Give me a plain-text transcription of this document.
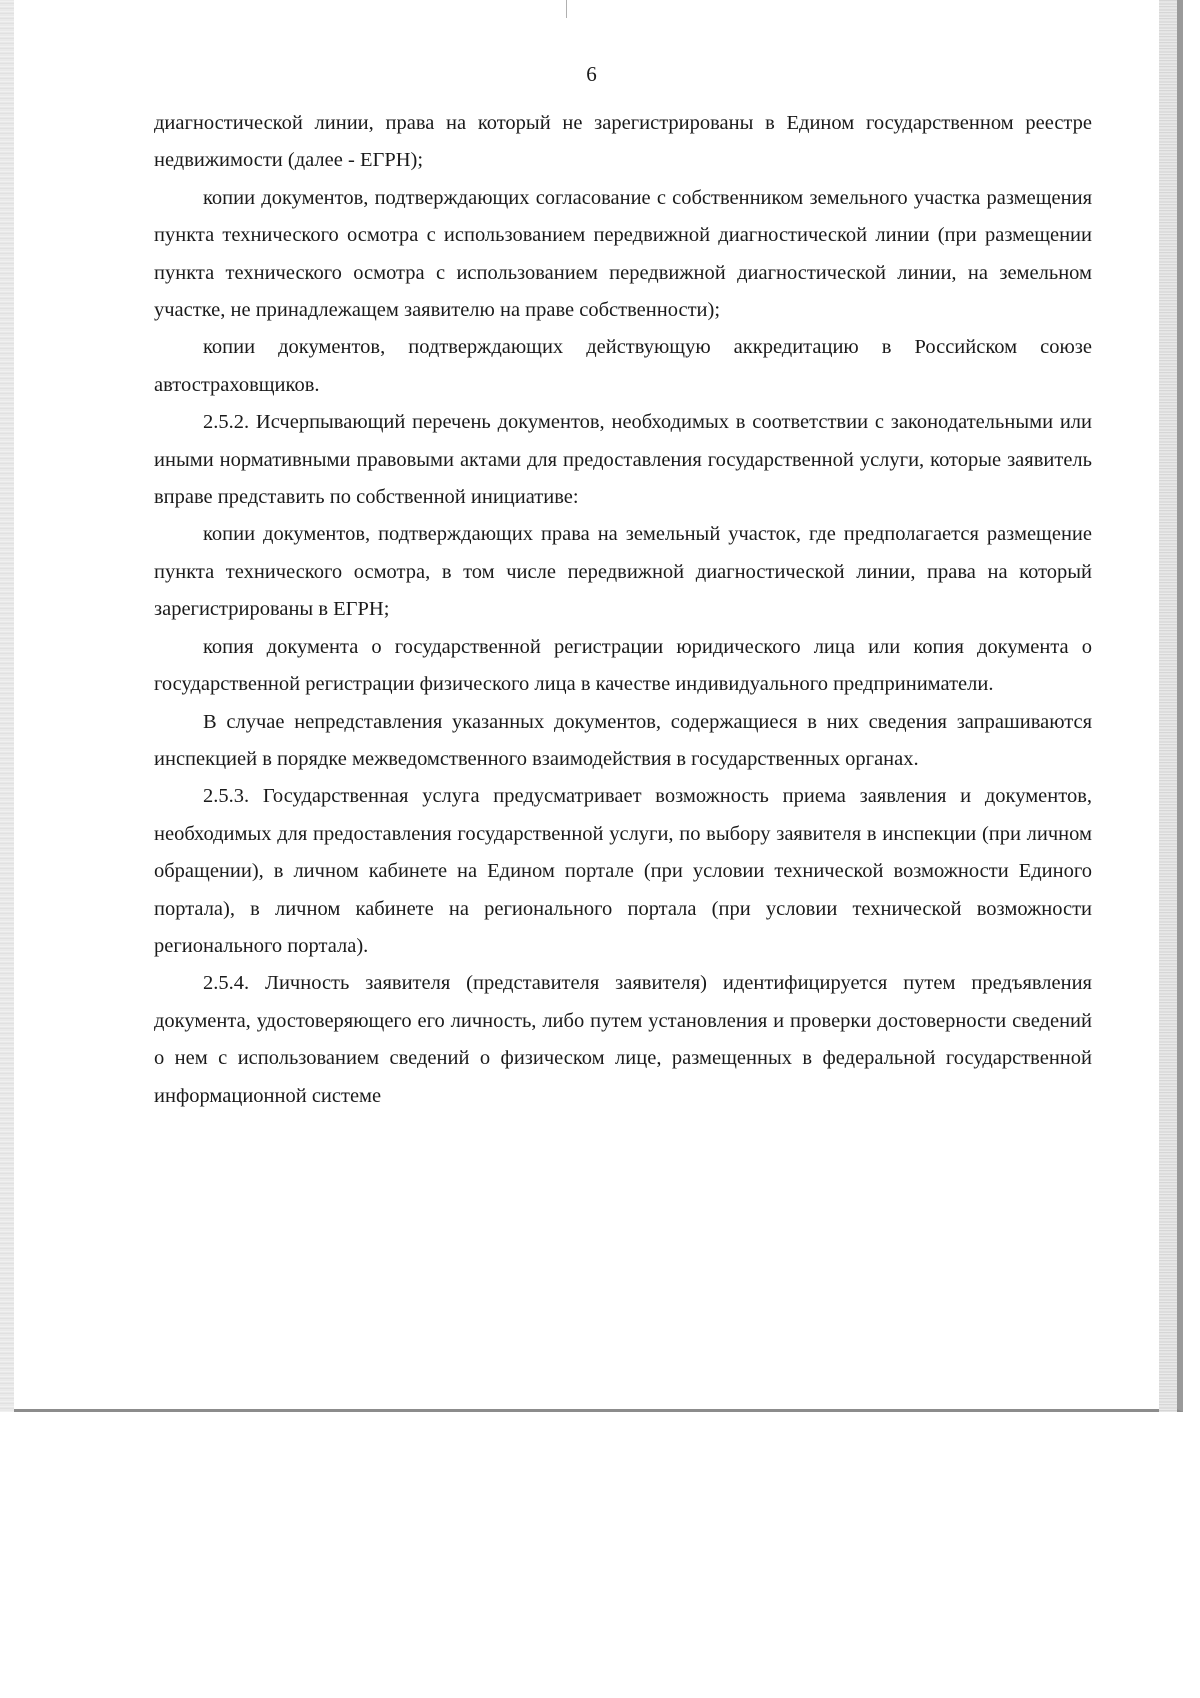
6

диагностической линии, права на который не зарегистрированы в Едином государственном реестре недвижимости (далее - ЕГРН);

копии документов, подтверждающих согласование с собственником земельного участка размещения пункта технического осмотра с использованием передвижной диагностической линии (при размещении пункта технического осмотра с использованием передвижной диагностической линии, на земельном участке, не принадлежащем заявителю на праве собственности);

копии документов, подтверждающих действующую аккредитацию в Российском союзе автостраховщиков.

2.5.2. Исчерпывающий перечень документов, необходимых в соответствии с законодательными или иными нормативными правовыми актами для предоставления государственной услуги, которые заявитель вправе представить по собственной инициативе:

копии документов, подтверждающих права на земельный участок, где предполагается размещение пункта технического осмотра, в том числе передвижной диагностической линии, права на который зарегистрированы в ЕГРН;

копия документа о государственной регистрации юридического лица или копия документа о государственной регистрации физического лица в качестве индивидуального предприниматели.

В случае непредставления указанных документов, содержащиеся в них сведения запрашиваются инспекцией в порядке межведомственного взаимодействия в государственных органах.

2.5.3. Государственная услуга предусматривает возможность приема заявления и документов, необходимых для предоставления государственной услуги, по выбору заявителя в инспекции (при личном обращении), в личном кабинете на Едином портале (при условии технической возможности Единого портала), в личном кабинете на регионального портала (при условии технической возможности регионального портала).

2.5.4. Личность заявителя (представителя заявителя) идентифицируется путем предъявления документа, удостоверяющего его личность, либо путем установления и проверки достоверности сведений о нем с использованием сведений о физическом лице, размещенных в федеральной государственной информационной системе
